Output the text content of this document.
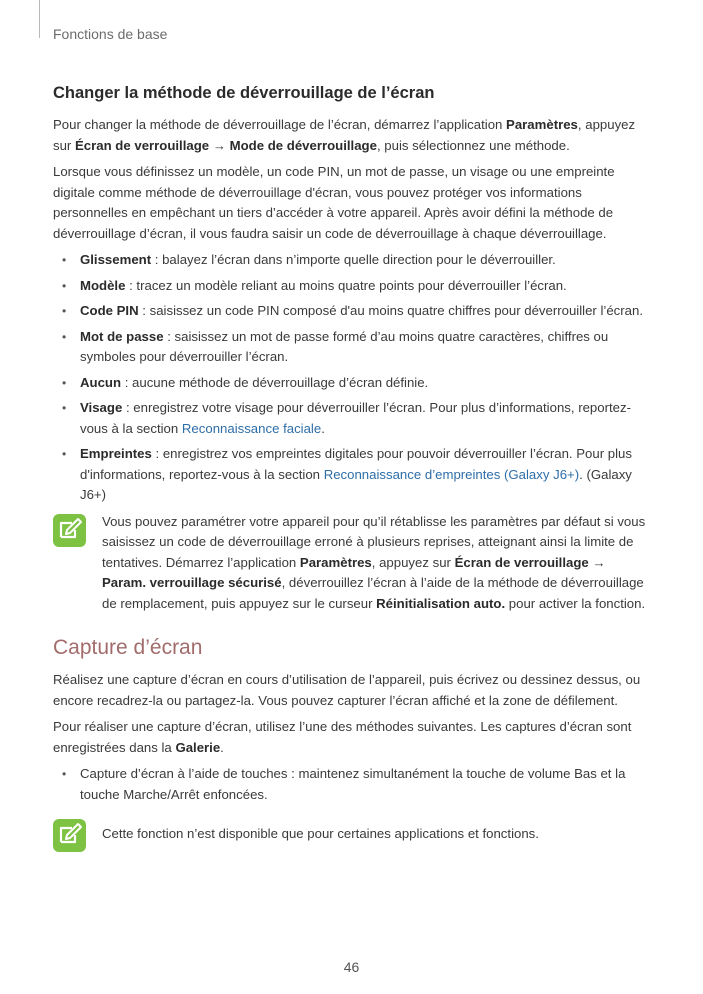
Fonctions de base
Changer la méthode de déverrouillage de l’écran
Pour changer la méthode de déverrouillage de l’écran, démarrez l’application Paramètres, appuyez sur Écran de verrouillage → Mode de déverrouillage, puis sélectionnez une méthode.
Lorsque vous définissez un modèle, un code PIN, un mot de passe, un visage ou une empreinte digitale comme méthode de déverrouillage d'écran, vous pouvez protéger vos informations personnelles en empêchant un tiers d’accéder à votre appareil. Après avoir défini la méthode de déverrouillage d’écran, il vous faudra saisir un code de déverrouillage à chaque déverrouillage.
• Glissement : balayez l’écran dans n’importe quelle direction pour le déverrouiller.
• Modèle : tracez un modèle reliant au moins quatre points pour déverrouiller l’écran.
• Code PIN : saisissez un code PIN composé d'au moins quatre chiffres pour déverrouiller l’écran.
• Mot de passe : saisissez un mot de passe formé d’au moins quatre caractères, chiffres ou symboles pour déverrouiller l’écran.
• Aucun : aucune méthode de déverrouillage d’écran définie.
• Visage : enregistrez votre visage pour déverrouiller l’écran. Pour plus d’informations, reportez-vous à la section Reconnaissance faciale.
• Empreintes : enregistrez vos empreintes digitales pour pouvoir déverrouiller l’écran. Pour plus d'informations, reportez-vous à la section Reconnaissance d’empreintes (Galaxy J6+). (Galaxy J6+)
Vous pouvez paramétrer votre appareil pour qu’il rétablisse les paramètres par défaut si vous saisissez un code de déverrouillage erroné à plusieurs reprises, atteignant ainsi la limite de tentatives. Démarrez l’application Paramètres, appuyez sur Écran de verrouillage → Param. verrouillage sécurisé, déverrouillez l’écran à l’aide de la méthode de déverrouillage de remplacement, puis appuyez sur le curseur Réinitialisation auto. pour activer la fonction.
Capture d’écran
Réalisez une capture d’écran en cours d’utilisation de l’appareil, puis écrivez ou dessinez dessus, ou encore recadrez-la ou partagez-la. Vous pouvez capturer l’écran affiché et la zone de défilement.
Pour réaliser une capture d’écran, utilisez l’une des méthodes suivantes. Les captures d’écran sont enregistrées dans la Galerie.
• Capture d’écran à l’aide de touches : maintenez simultanément la touche de volume Bas et la touche Marche/Arrêt enfoncées.
Cette fonction n’est disponible que pour certaines applications et fonctions.
46
